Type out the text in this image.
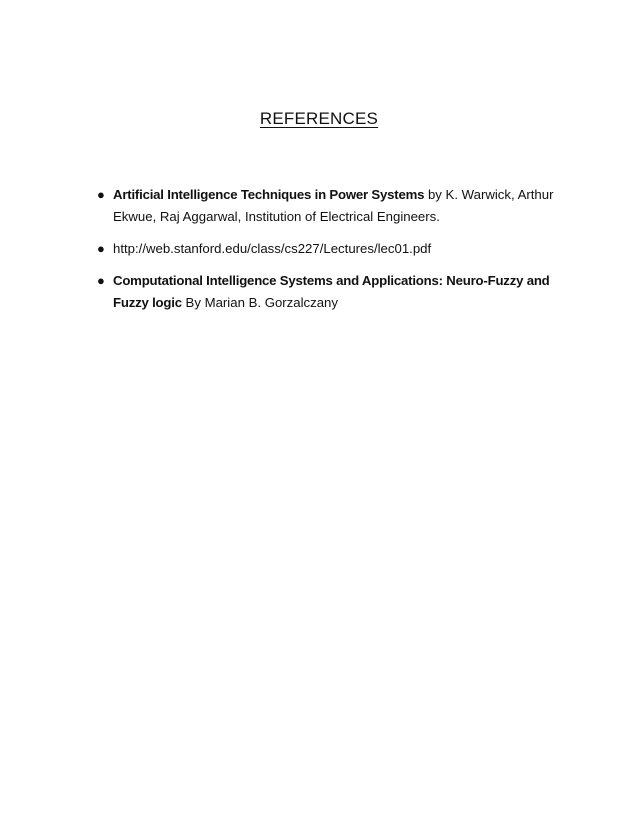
REFERENCES
● Artificial Intelligence Techniques in Power Systems by K. Warwick, Arthur Ekwue, Raj Aggarwal, Institution of Electrical Engineers.
● http://web.stanford.edu/class/cs227/Lectures/lec01.pdf
● Computational Intelligence Systems and Applications: Neuro-Fuzzy and Fuzzy logic By Marian B. Gorzalczany
